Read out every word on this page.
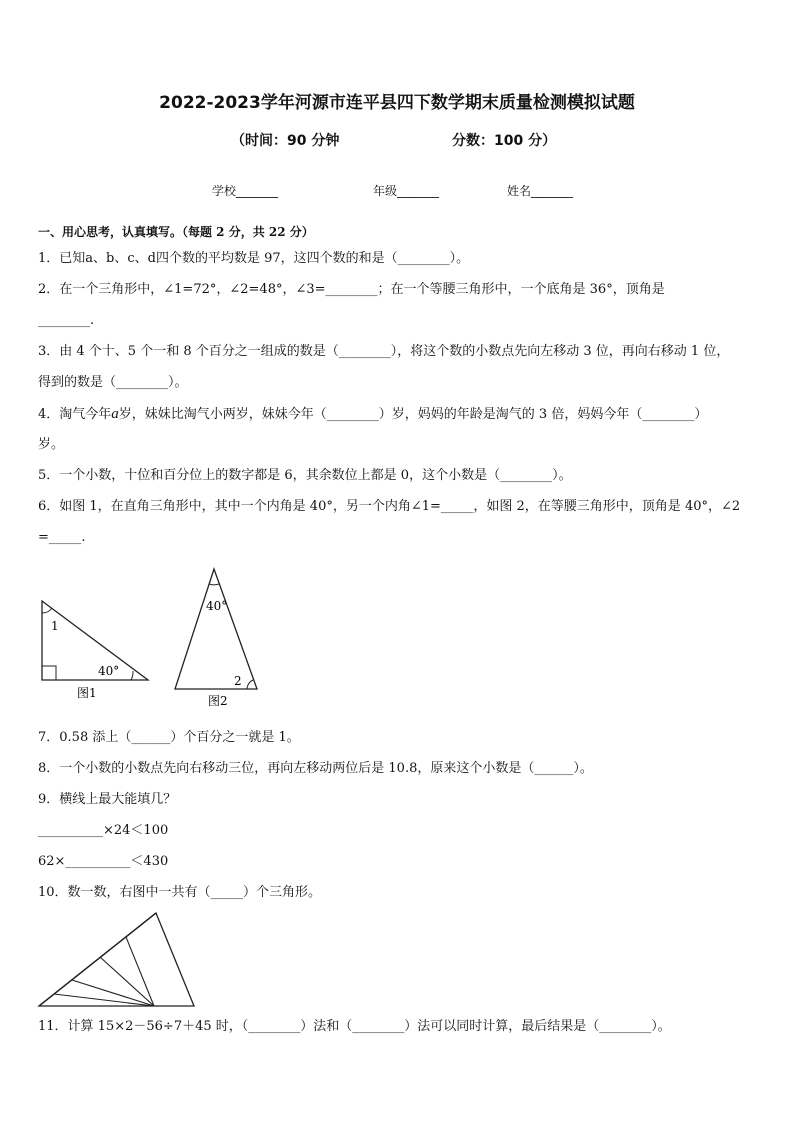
2022-2023学年河源市连平县四下数学期末质量检测模拟试题
（时间：90 分钟	分数：100 分）
学校_______	年级_______	姓名_______
一、用心思考，认真填写。（每题 2 分，共 22 分）
1．已知a、b、c、d四个数的平均数是 97，这四个数的和是（________）。
2．在一个三角形中，∠1=72°，∠2=48°，∠3=________；在一个等腰三角形中，一个底角是 36°，顶角是
________.
3．由 4 个十、5 个一和 8 个百分之一组成的数是（________），将这个数的小数点先向左移动 3 位，再向右移动 1 位，
得到的数是（________）。
4．淘气今年a岁，妹妹比淘气小两岁，妹妹今年（________）岁，妈妈的年龄是淘气的 3 倍，妈妈今年（________）
岁。
5．一个小数，十位和百分位上的数字都是 6，其余数位上都是 0，这个小数是（________）。
6．如图 1，在直角三角形中，其中一个内角是 40°，另一个内角∠1=_____，如图 2，在等腰三角形中，顶角是 40°，∠2
=_____.
1
40°
图1
40°
2
图2
7．0.58 添上（______）个百分之一就是 1。
8．一个小数的小数点先向右移动三位，再向左移动两位后是 10.8，原来这个小数是（______）。
9．横线上最大能填几？
__________×24＜100
62×__________＜430
10．数一数，右图中一共有（_____）个三角形。
11．计算 15×2－56÷7＋45 时，（________）法和（________）法可以同时计算，最后结果是（________）。
